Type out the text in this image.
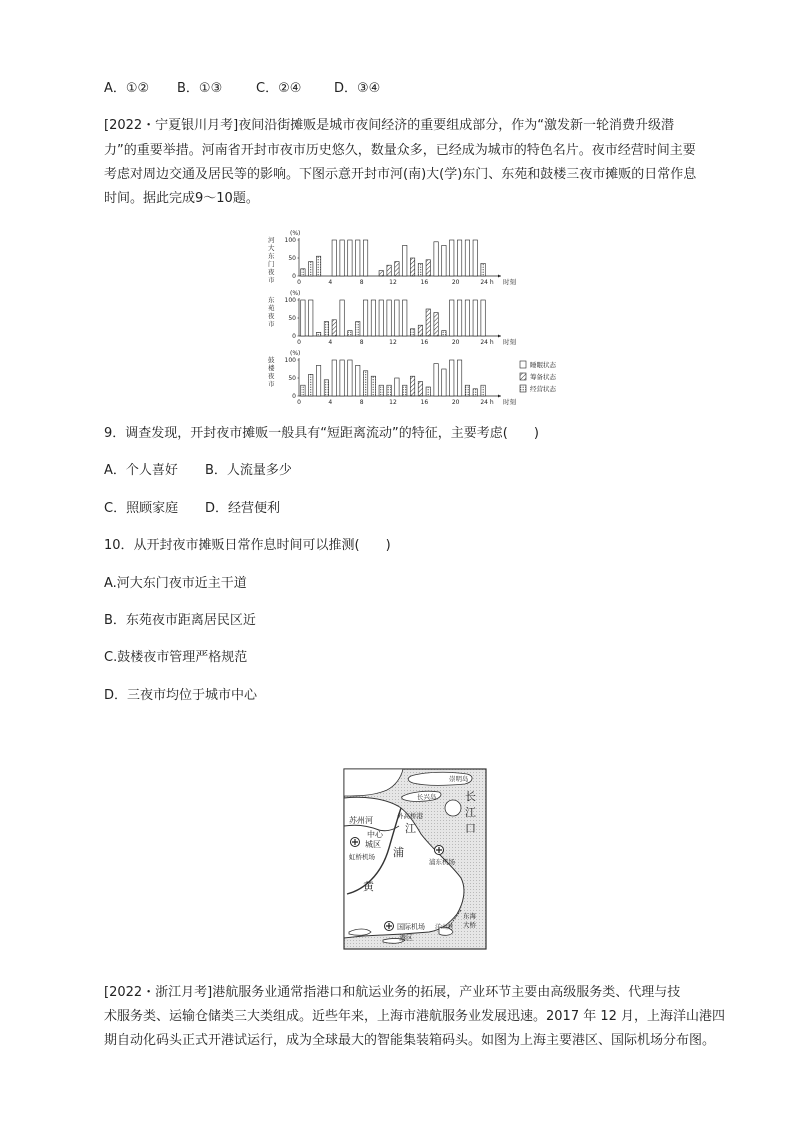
A．①② B．①③	C．②④	D．③④
[2022・宁夏银川月考]夜间沿街摊贩是城市夜间经济的重要组成部分，作为“激发新一轮消费升级潜
力”的重要举措。河南省开封市夜市历史悠久，数量众多，已经成为城市的特色名片。夜市经营时间主要
考虑对周边交通及居民等的影响。下图示意开封市河(南)大(学)东门、东苑和鼓楼三夜市摊贩的日常作息
时间。据此完成9～10题。
河
大
东
门
夜
市
(%)
100
50
0
0	4	8	12	16	20	24 h 时刻
东
苑
夜
市
(%)
100
50
0
0	4	8	12	16	20	24 h 时刻
鼓
楼
夜
市
(%)
100
50
0
0	4	8	12	16	20	24 h 时刻
睡眠状态
筹备状态
经营状态
9．调查发现，开封夜市摊贩一般具有“短距离流动”的特征，主要考虑(　　)
A．个人喜好 B．人流量多少
C．照顾家庭 D．经营便利
10．从开封夜市摊贩日常作息时间可以推测(　　)
A.河大东门夜市近主干道
B．东苑夜市距离居民区近
C.鼓楼夜市管理严格规范
D．三夜市均位于城市中心
崇明岛
长兴岛	长
江
口
外高桥港
苏州河
中心
城区
江
浦
黄
虹桥机场
浦东机场
东海
大桥
国际机场 洋山港
港区
[2022・浙江月考]港航服务业通常指港口和航运业务的拓展，产业环节主要由高级服务类、代理与技
术服务类、运输仓储类三大类组成。近些年来，上海市港航服务业发展迅速。2017 年 12 月，上海洋山港四
期自动化码头正式开港试运行，成为全球最大的智能集装箱码头。如图为上海主要港区、国际机场分布图。
